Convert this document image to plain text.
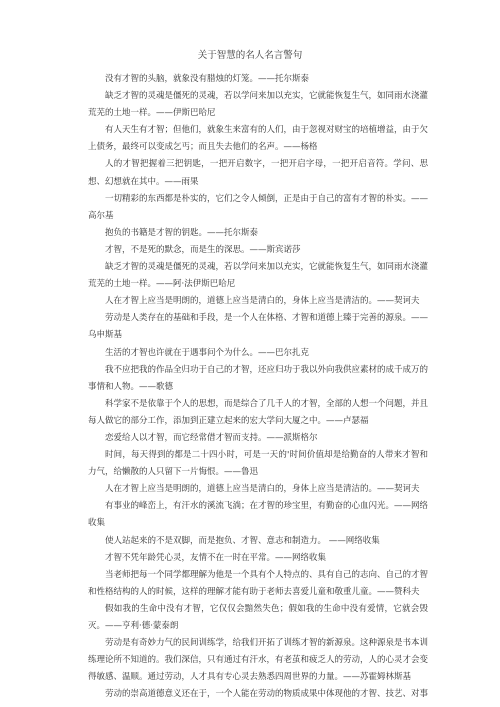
关于智慧的名人名言警句

没有才智的头脑，就象没有腊烛的灯笼。——托尔斯泰

缺乏才智的灵魂是僵死的灵魂，若以学问来加以充实，它就能恢复生气，如同雨水浇灌荒芜的土地一样。——伊斯巴哈尼

有人天生有才智；但他们，就象生来富有的人们，由于忽视对财宝的培植增益，由于欠上债务，最终可以变成乞丐；而且失去他们的名声。——杨格

人的才智把握着三把钥匙，一把开启数字，一把开启字母，一把开启音符。学问、思想、幻想就在其中。——雨果

一切精彩的东西都是朴实的，它们之令人倾倒，正是由于自己的富有才智的朴实。——高尔基

抱负的书籍是才智的钥匙。——托尔斯泰

才智，不是死的默念，而是生的深思。——斯宾诺莎

缺乏才智的灵魂是僵死的灵魂，若以学问来加以充实，它就能恢复生气，如同雨水浇灌荒芜的土地一样。——阿·法伊斯巴哈尼

人在才智上应当是明朗的，道德上应当是清白的，身体上应当是清洁的。——契诃夫

劳动是人类存在的基础和手段，是一个人在体格、才智和道德上臻于完善的源泉。——乌申斯基

生活的才智也许就在于遇事问个为什么。——巴尔扎克

我不应把我的作品全归功于自己的才智，还应归功于我以外向我供应素材的成千成万的事情和人物。——歌德

科学家不是依靠于个人的思想，而是综合了几千人的才智，全部的人想一个问题，并且每人做它的部分工作，添加到正建立起来的宏大学问大厦之中。——卢瑟福

恋爱给人以才智，而它经常借才智而支持。——派斯格尔

时间，每天得到的都是二十四小时，可是一天的'时间价值却是给勤奋的人带来才智和力气，给懒散的人只留下一片悔恨。——鲁迅

人在才智上应当是明朗的，道德上应当是清白的，身体上应当是清洁的。——契诃夫

有事业的峰峦上，有汗水的溪流飞淌；在才智的珍宝里，有勤奋的心血闪光。——网络收集

使人站起来的不是双脚，而是抱负、才智、意志和制造力。 ——网络收集

才智不凭年龄凭心灵，友情不在一时在平常。——网络收集

当老师把每一个同学都理解为他是一个具有个人特点的、具有自己的志向、自己的才智和性格结构的人的时候，这样的理解才能有助于老师去喜爱儿童和敬重儿童。——赞科夫

假如我的生命中没有才智，它仅仅会黯然失色；假如我的生命中没有爱情，它就会毁灭。——亨利·德·蒙泰朗

劳动是有奇妙力气的民间训练学，给我们开拓了训练才智的新源泉。这种源泉是书本训练理论所不知道的。我们深信，只有通过有汗水，有老茧和疲乏人的劳动，人的心灵才会变得敏感、温顺。通过劳动，人才具有专心灵去熟悉四周世界的力量。——苏霍姆林斯基

劳动的崇高道德意义还在于，一个人能在劳动的物质成果中体现他的才智、技艺、对事
